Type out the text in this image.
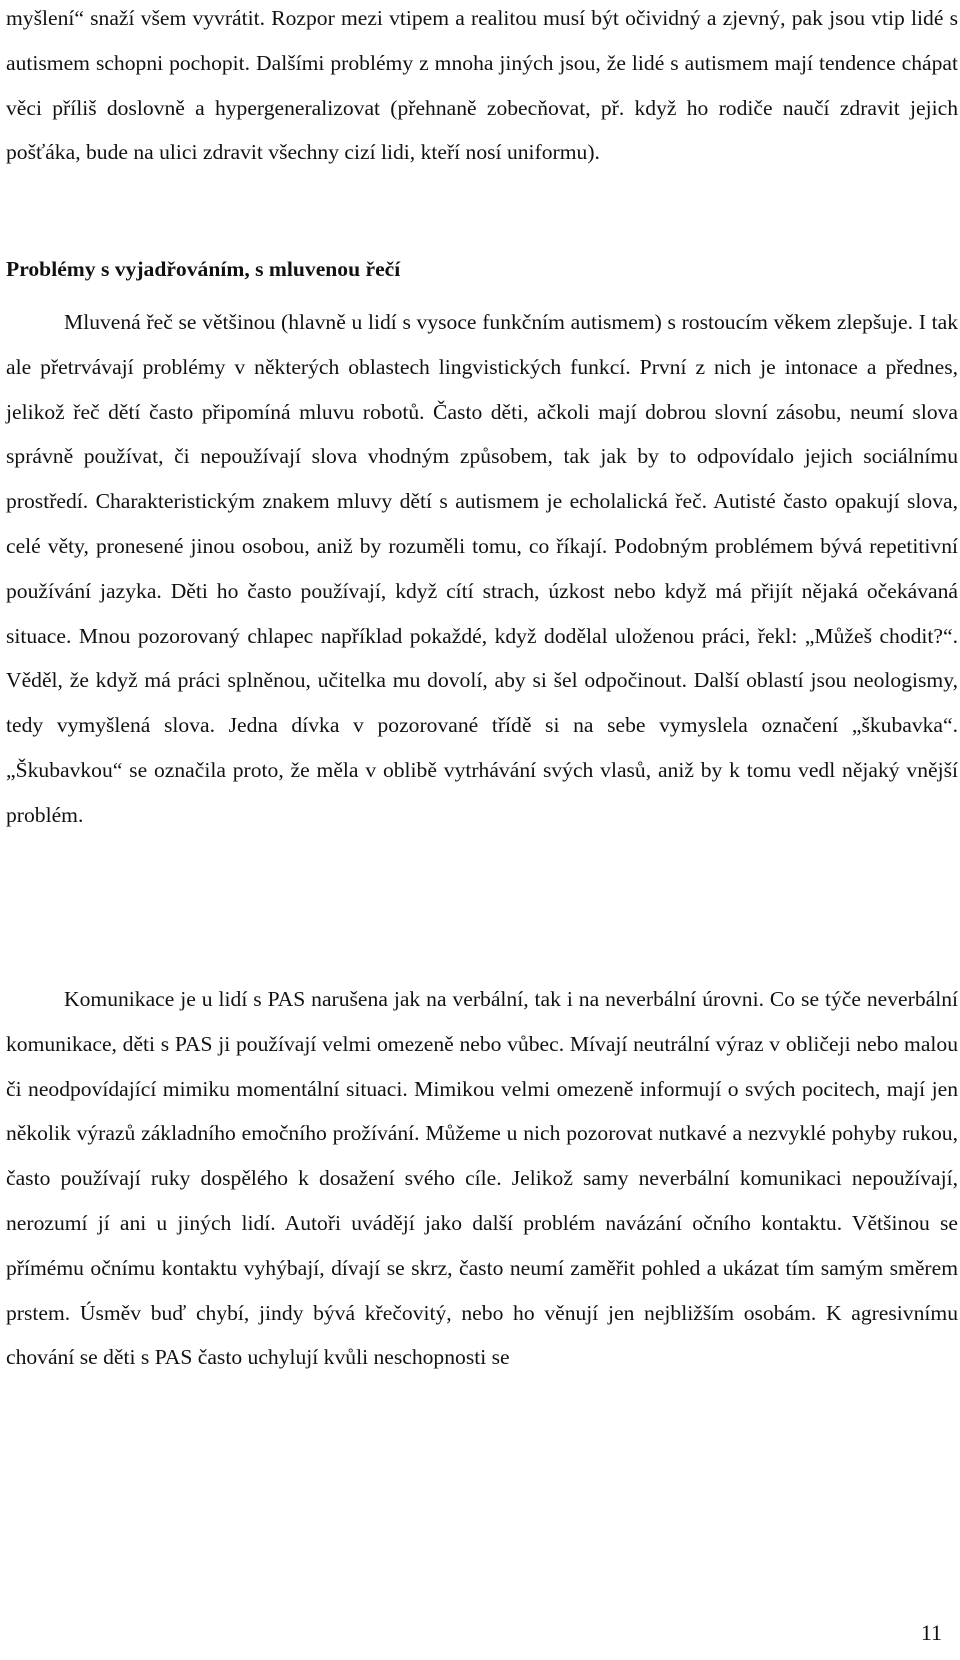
myšlení“ snaží všem vyvrátit. Rozpor mezi vtipem a realitou musí být očividný a zjevný, pak jsou vtip lidé s autismem schopni pochopit. Dalšími problémy z mnoha jiných jsou, že lidé s autismem mají tendence chápat věci příliš doslovně a hypergeneralizovat (přehnaně zobecňovat, př. když ho rodiče naučí zdravit jejich pošťáka, bude na ulici zdravit všechny cizí lidi, kteří nosí uniformu).

Problémy s vyjadřováním, s mluvenou řečí

Mluvená řeč se většinou (hlavně u lidí s vysoce funkčním autismem) s rostoucím věkem zlepšuje. I tak ale přetrvávají problémy v některých oblastech lingvistických funkcí. První z nich je intonace a přednes, jelikož řeč dětí často připomíná mluvu robotů. Často děti, ačkoli mají dobrou slovní zásobu, neumí slova správně používat, či nepoužívají slova vhodným způsobem, tak jak by to odpovídalo jejich sociálnímu prostředí. Charakteristickým znakem mluvy dětí s autismem je echolalická řeč. Autisté často opakují slova, celé věty, pronesené jinou osobou, aniž by rozuměli tomu, co říkají. Podobným problémem bývá repetitivní používání jazyka. Děti ho často používají, když cítí strach, úzkost nebo když má přijít nějaká očekávaná situace. Mnou pozorovaný chlapec například pokaždé, když dodělal uloženou práci, řekl: „Můžeš chodit?“. Věděl, že když má práci splněnou, učitelka mu dovolí, aby si šel odpočinout. Další oblastí jsou neologismy, tedy vymyšlená slova. Jedna dívka v pozorované třídě si na sebe vymyslela označení „škubavka“. „Škubavkou“ se označila proto, že měla v oblibě vytrhávání svých vlasů, aniž by k tomu vedl nějaký vnější problém.

Komunikace je u lidí s PAS narušena jak na verbální, tak i na neverbální úrovni. Co se týče neverbální komunikace, děti s PAS ji používají velmi omezeně nebo vůbec. Mívají neutrální výraz v obličeji nebo malou či neodpovídající mimiku momentální situaci. Mimikou velmi omezeně informují o svých pocitech, mají jen několik výrazů základního emočního prožívání. Můžeme u nich pozorovat nutkavé a nezvyklé pohyby rukou, často používají ruky dospělého k dosažení svého cíle. Jelikož samy neverbální komunikaci nepoužívají, nerozumí jí ani u jiných lidí. Autoři uvádějí jako další problém navázání očního kontaktu. Většinou se přímému očnímu kontaktu vyhýbají, dívají se skrz, často neumí zaměřit pohled a ukázat tím samým směrem prstem. Úsměv buď chybí, jindy bývá křečovitý, nebo ho věnují jen nejbližším osobám. K agresivnímu chování se děti s PAS často uchylují kvůli neschopnosti se

11
